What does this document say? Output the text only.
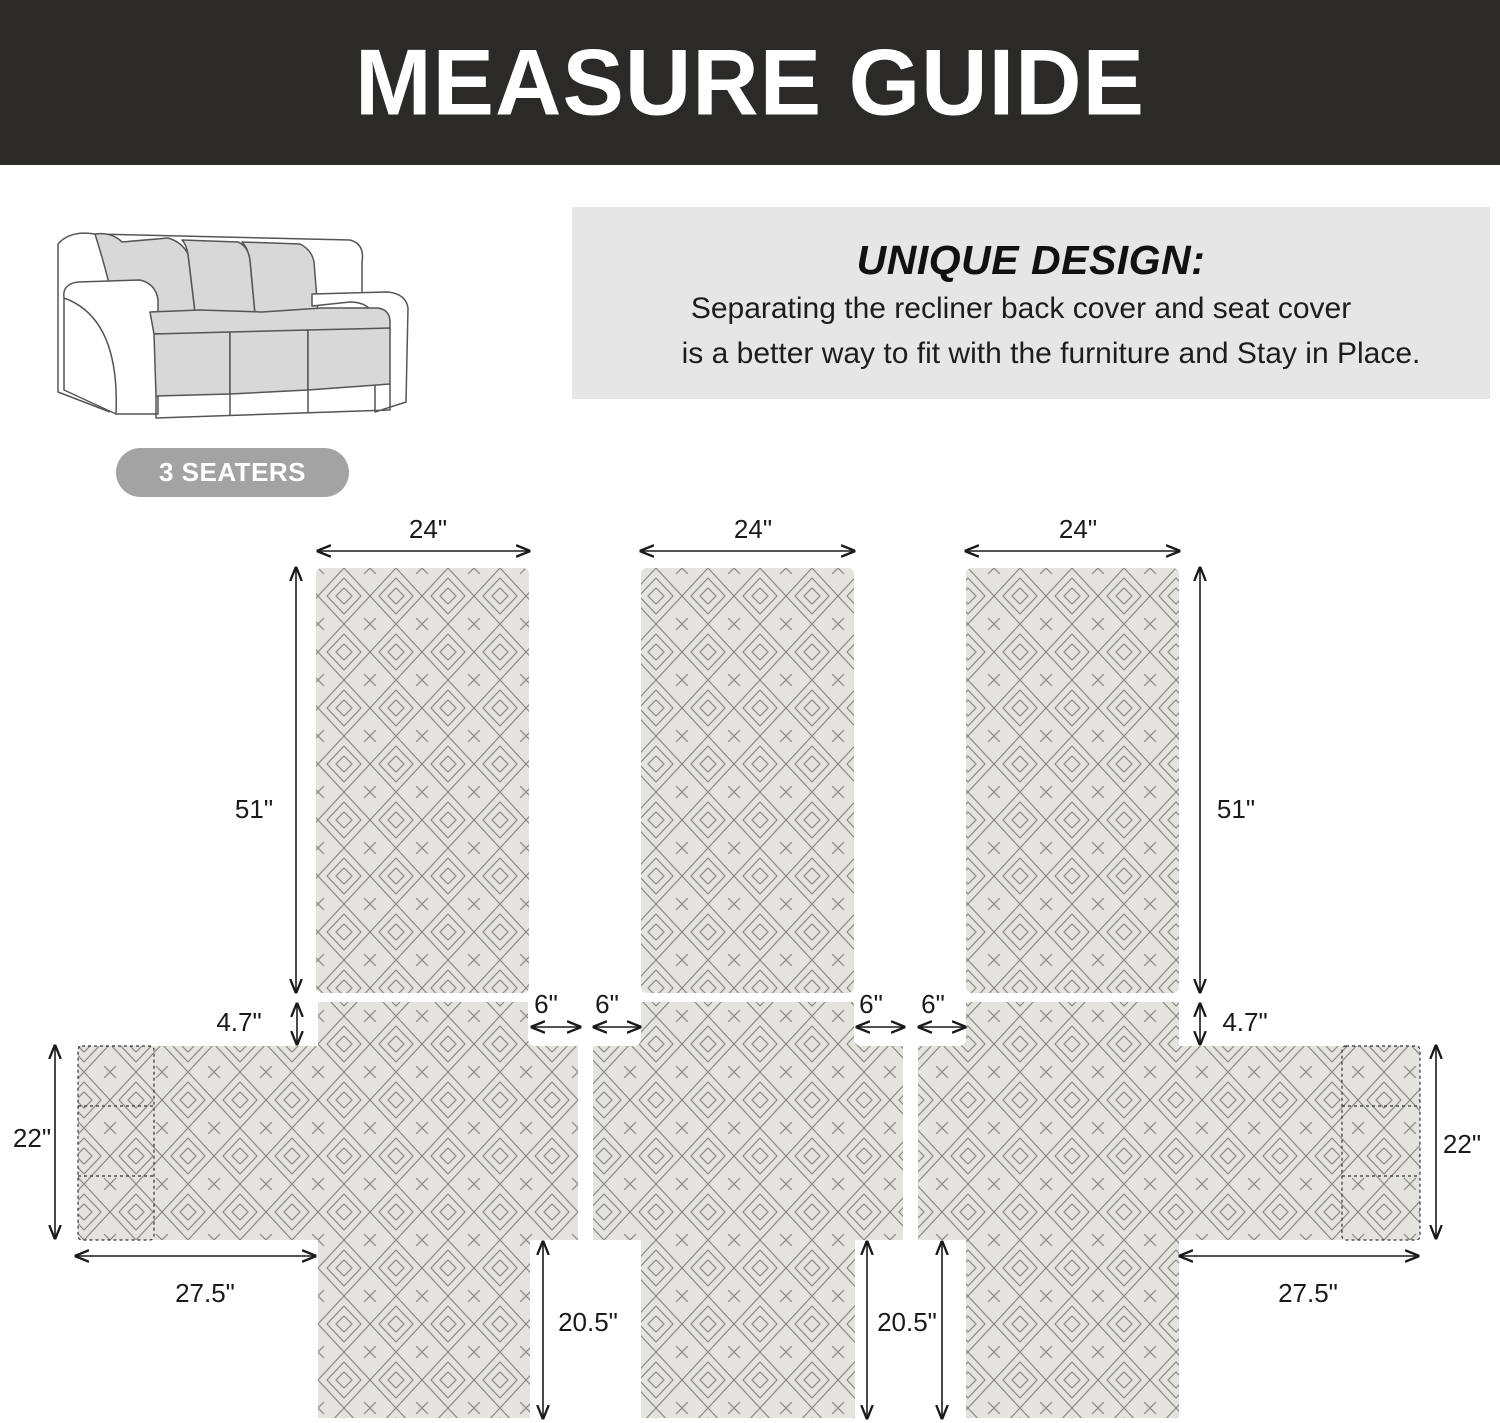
MEASURE GUIDE
3 SEATERS
UNIQUE DESIGN:
Separating the recliner back cover and seat cover
is a better way to fit with the furniture and Stay in Place.
24"	24"	24"
51"	51"
4.7"	4.7"
6" 6"	6" 6"
22"	22"
27.5"	27.5"
20.5"	20.5"
